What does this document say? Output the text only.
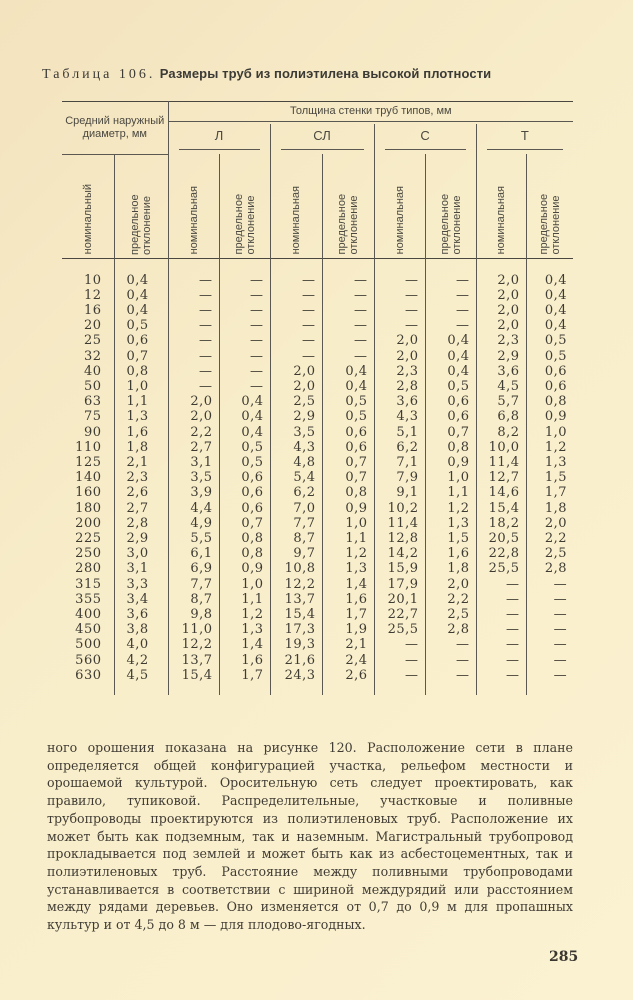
Таблица 106. Размеры труб из полиэтилена высокой плотности
Средний наружный диаметр, мм		Толщина стенки труб типов, мм							

		Л		СЛ		С		Т	

номинальный	предельное отклонение	номинальная	предельное отклонение	номинальная	предельное отклонение	номинальная	предельное отклонение	номинальная	предельное отклонение
10	0,4	—	—	—	—	—	—	2,0	0,4
12	0,4	—	—	—	—	—	—	2,0	0,4
16	0,4	—	—	—	—	—	—	2,0	0,4
20	0,5	—	—	—	—	—	—	2,0	0,4
25	0,6	—	—	—	—	2,0	0,4	2,3	0,5
32	0,7	—	—	—	—	2,0	0,4	2,9	0,5
40	0,8	—	—	2,0	0,4	2,3	0,4	3,6	0,6
50	1,0	—	—	2,0	0,4	2,8	0,5	4,5	0,6
63	1,1	2,0	0,4	2,5	0,5	3,6	0,6	5,7	0,8
75	1,3	2,0	0,4	2,9	0,5	4,3	0,6	6,8	0,9
90	1,6	2,2	0,4	3,5	0,6	5,1	0,7	8,2	1,0
110	1,8	2,7	0,5	4,3	0,6	6,2	0,8	10,0	1,2
125	2,1	3,1	0,5	4,8	0,7	7,1	0,9	11,4	1,3
140	2,3	3,5	0,6	5,4	0,7	7,9	1,0	12,7	1,5
160	2,6	3,9	0,6	6,2	0,8	9,1	1,1	14,6	1,7
180	2,7	4,4	0,6	7,0	0,9	10,2	1,2	15,4	1,8
200	2,8	4,9	0,7	7,7	1,0	11,4	1,3	18,2	2,0
225	2,9	5,5	0,8	8,7	1,1	12,8	1,5	20,5	2,2
250	3,0	6,1	0,8	9,7	1,2	14,2	1,6	22,8	2,5
280	3,1	6,9	0,9	10,8	1,3	15,9	1,8	25,5	2,8
315	3,3	7,7	1,0	12,2	1,4	17,9	2,0	—	—
355	3,4	8,7	1,1	13,7	1,6	20,1	2,2	—	—
400	3,6	9,8	1,2	15,4	1,7	22,7	2,5	—	—
450	3,8	11,0	1,3	17,3	1,9	25,5	2,8	—	—
500	4,0	12,2	1,4	19,3	2,1	—	—	—	—
560	4,2	13,7	1,6	21,6	2,4	—	—	—	—
630	4,5	15,4	1,7	24,3	2,6	—	—	—	—
ного орошения показана на рисунке 120. Расположение сети в плане определяется общей конфигурацией участка, рельефом местности и орошаемой культурой. Оросительную сеть следует проектировать, как правило, тупиковой. Распределительные, участковые и поливные трубопроводы проектируются из полиэтиленовых труб. Расположение их может быть как подземным, так и наземным. Магистральный трубопровод прокладывается под землей и может быть как из асбестоцементных, так и полиэтиленовых труб. Расстояние между поливными трубопроводами устанавливается в соответствии с шириной междурядий или расстоянием между рядами деревьев. Оно изменяется от 0,7 до 0,9 м для пропашных культур и от 4,5 до 8 м — для плодово-ягодных.
285
